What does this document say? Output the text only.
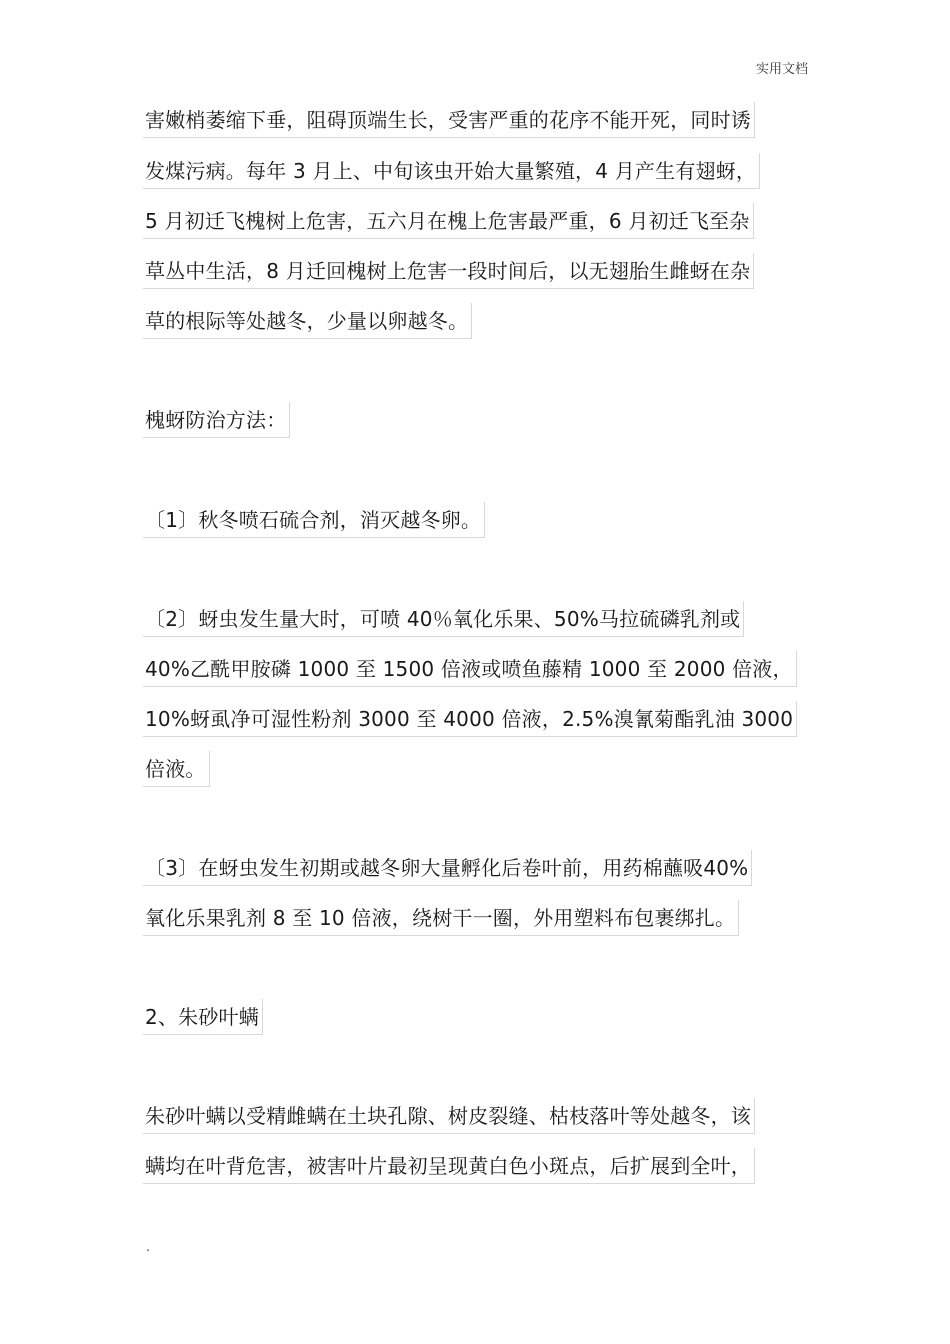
实用文档
害嫩梢萎缩下垂，阻碍顶端生长，受害严重的花序不能开死，同时诱
发煤污病。每年 3 月上、中旬该虫开始大量繁殖，4 月产生有翅蚜，
5 月初迁飞槐树上危害，五六月在槐上危害最严重，6 月初迁飞至杂
草丛中生活，8 月迁回槐树上危害一段时间后，以无翅胎生雌蚜在杂
草的根际等处越冬，少量以卵越冬。
槐蚜防治方法：
〔1〕秋冬喷石硫合剂，消灭越冬卵。
〔2〕蚜虫发生量大时，可喷 40％氧化乐果、50%马拉硫磷乳剂或
40%乙酰甲胺磷 1000 至 1500 倍液或喷鱼藤精 1000 至 2000 倍液，
10%蚜虱净可湿性粉剂 3000 至 4000 倍液，2.5%溴氰菊酯乳油 3000
倍液。
〔3〕在蚜虫发生初期或越冬卵大量孵化后卷叶前，用药棉蘸吸40%
氧化乐果乳剂 8 至 10 倍液，绕树干一圈，外用塑料布包裹绑扎。
2、朱砂叶螨
朱砂叶螨以受精雌螨在土块孔隙、树皮裂缝、枯枝落叶等处越冬，该
螨均在叶背危害，被害叶片最初呈现黄白色小斑点，后扩展到全叶，
.
